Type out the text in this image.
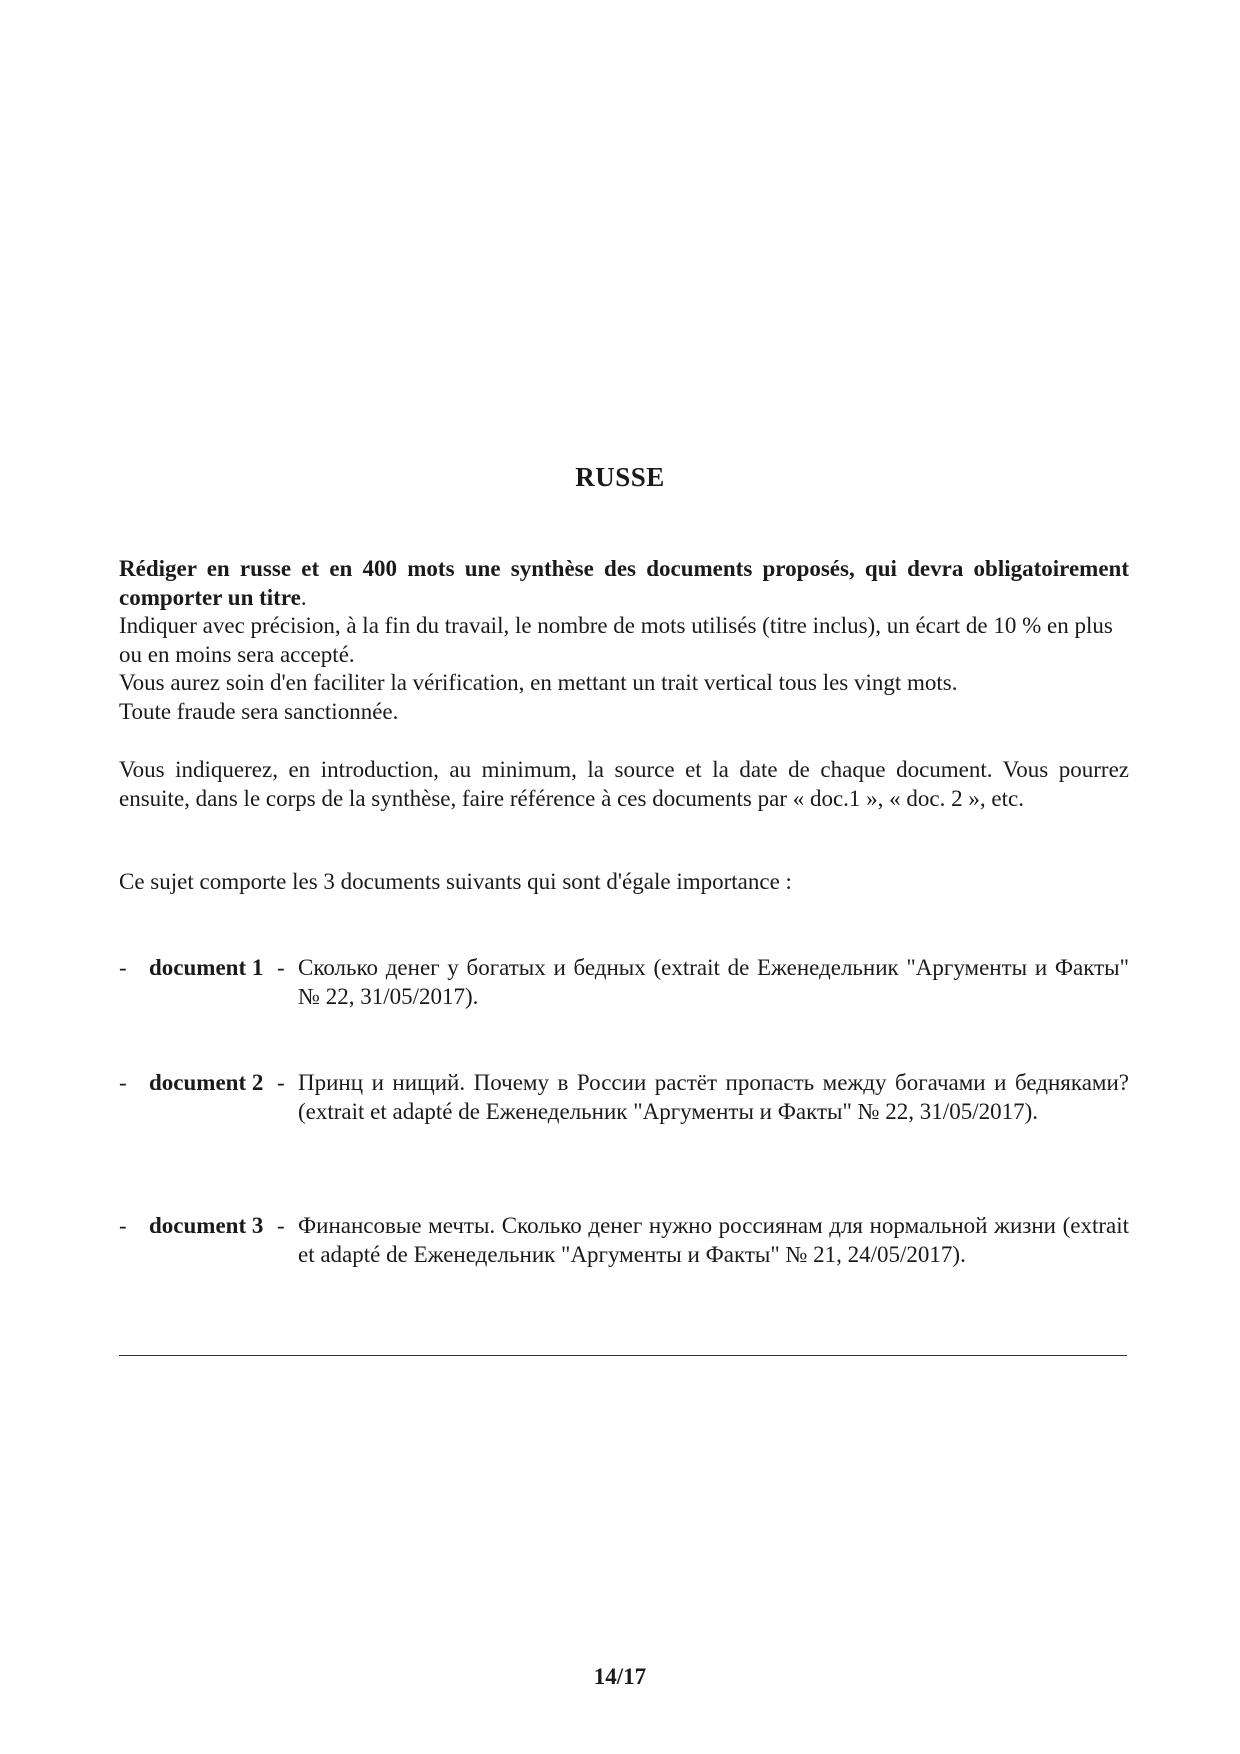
RUSSE

Rédiger en russe et en 400 mots une synthèse des documents proposés, qui devra obligatoirement comporter un titre.

Indiquer avec précision, à la fin du travail, le nombre de mots utilisés (titre inclus), un écart de 10 % en plus ou en moins sera accepté.

Vous aurez soin d'en faciliter la vérification, en mettant un trait vertical tous les vingt mots.

Toute fraude sera sanctionnée.

Vous indiquerez, en introduction, au minimum, la source et la date de chaque document. Vous pourrez ensuite, dans le corps de la synthèse, faire référence à ces documents par « doc.1 », « doc. 2 », etc.

Ce sujet comporte les 3 documents suivants qui sont d'égale importance :

- document 1 - Сколько денег у богатых и бедных (extrait de Еженедельник "Аргументы и Факты" № 22, 31/05/2017).
- document 2 - Принц и нищий. Почему в России растёт пропасть между богачами и бедняками? (extrait et adapté de Еженедельник "Аргументы и Факты" № 22, 31/05/2017).
- document 3 - Финансовые мечты. Сколько денег нужно россиянам для нормальной жизни (extrait et adapté de Еженедельник "Аргументы и Факты" № 21, 24/05/2017).
14/17
